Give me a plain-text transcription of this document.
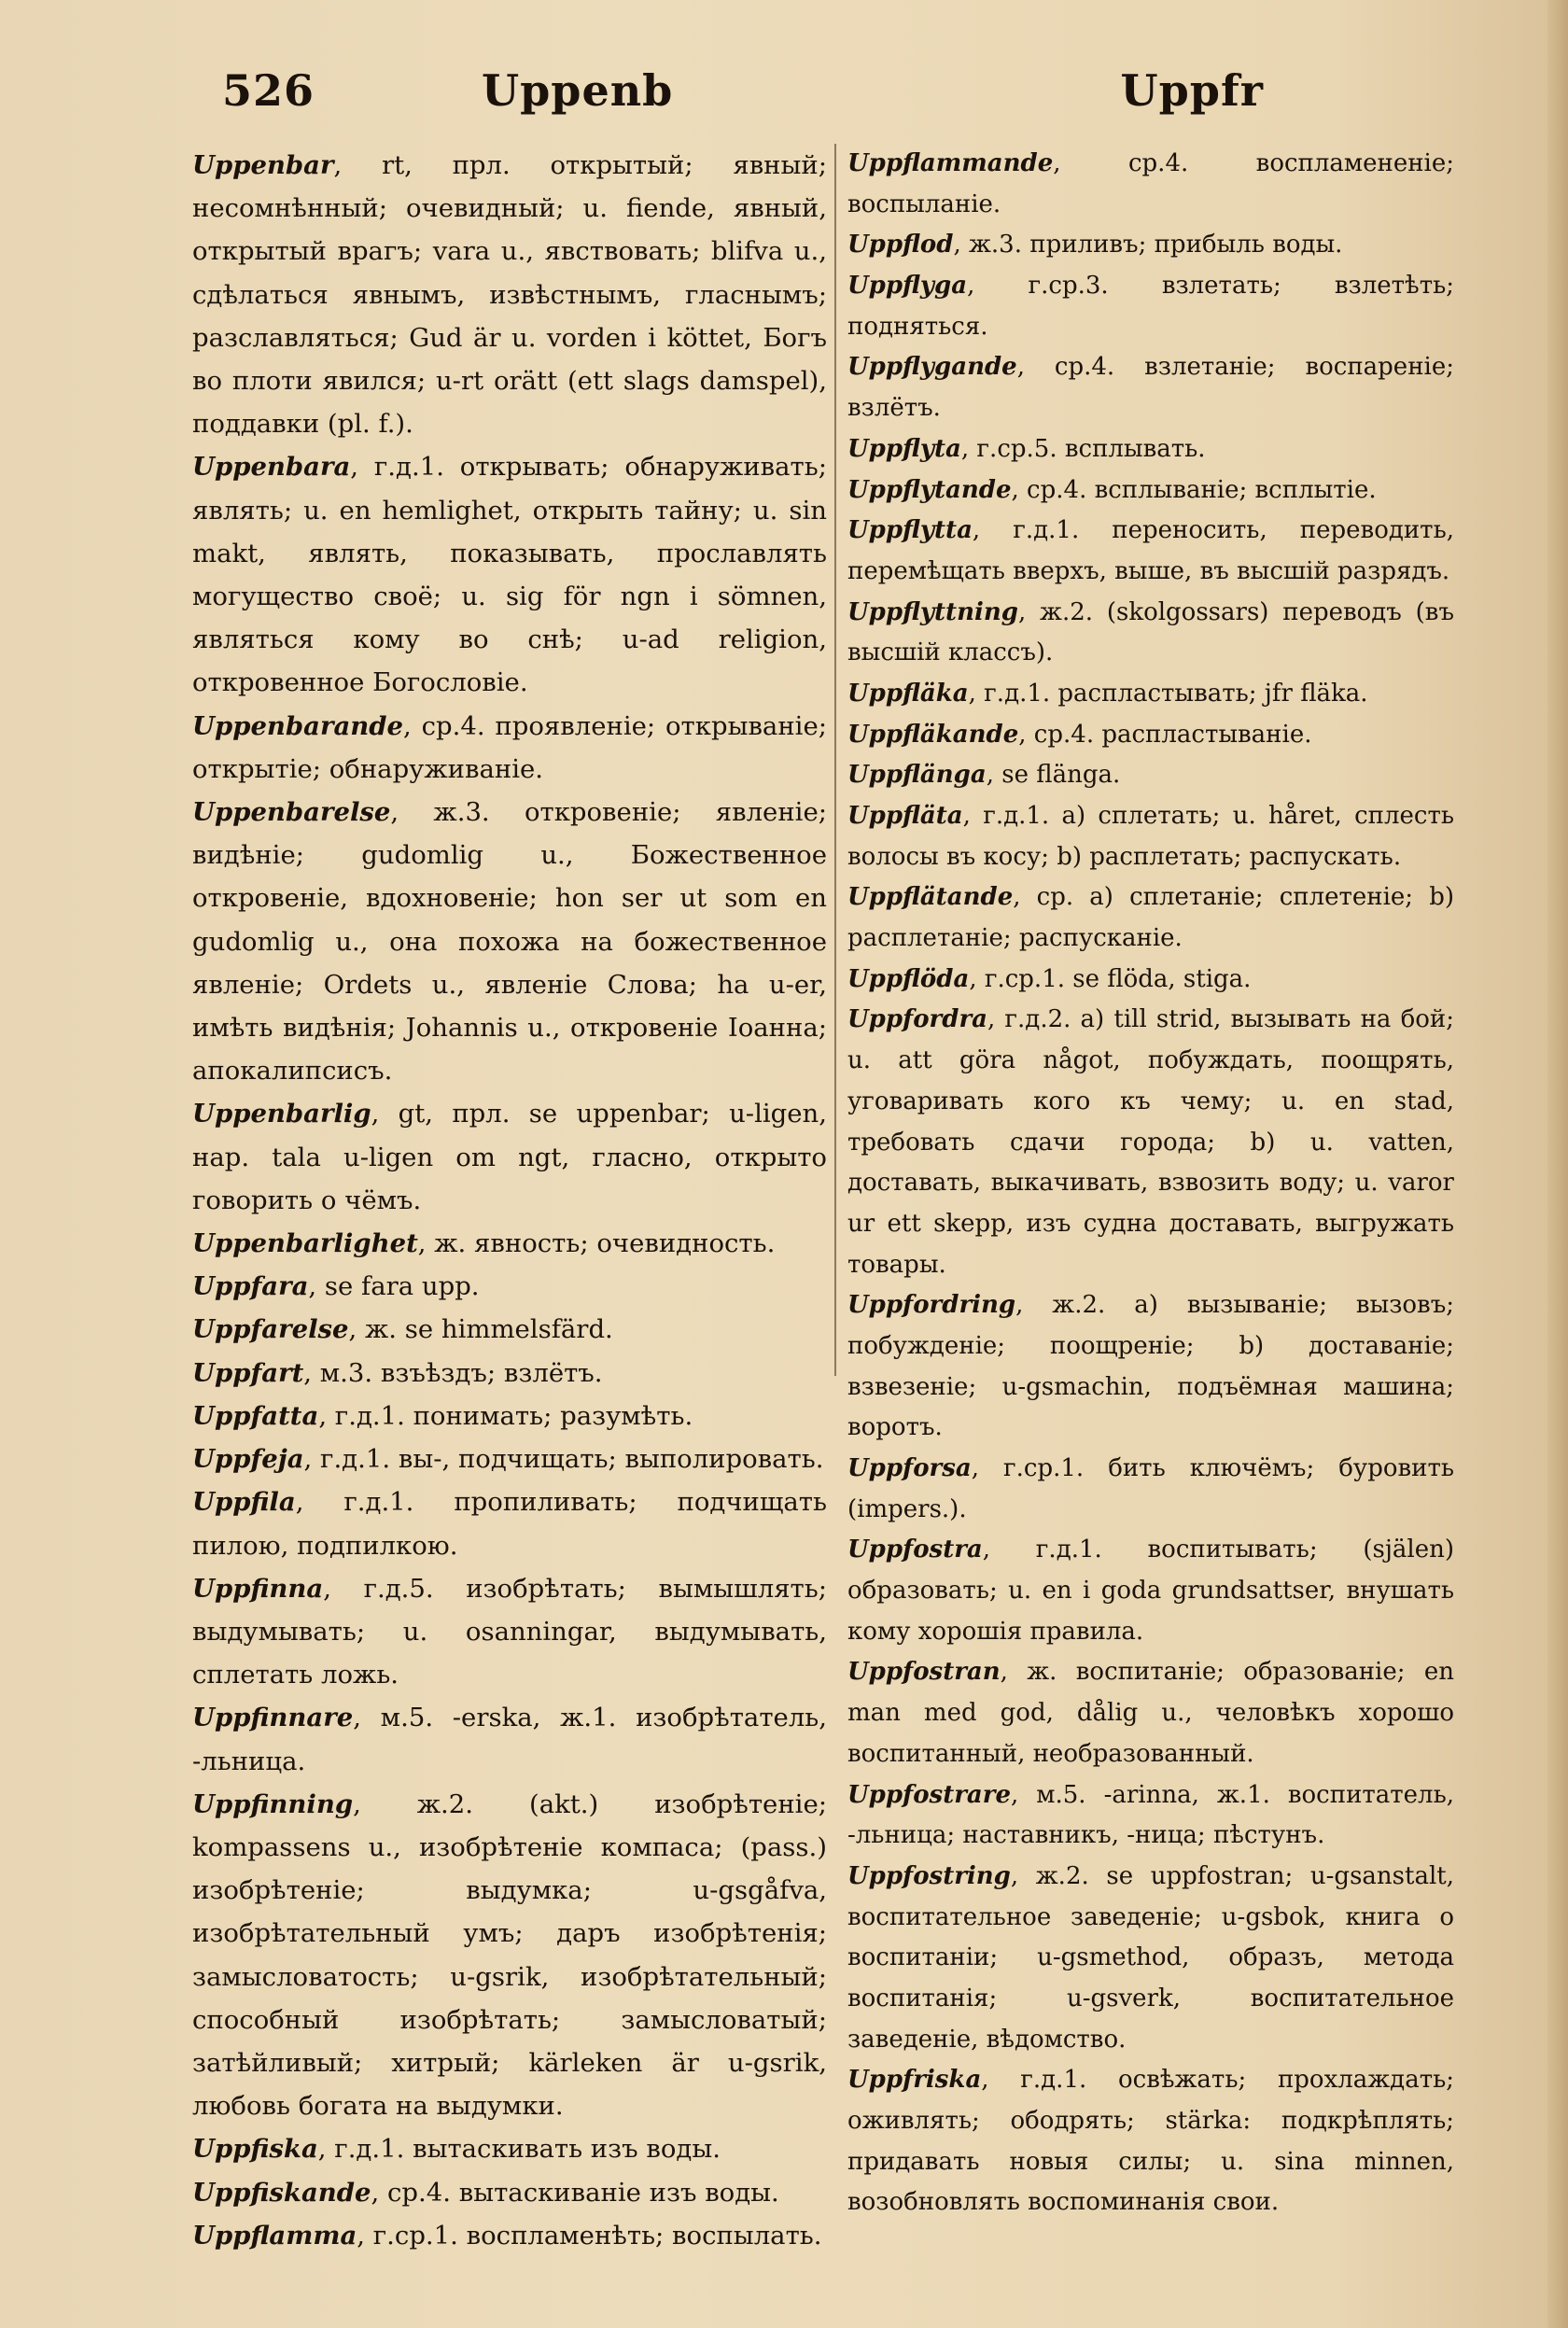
526	Uppenb	Uppfr

Uppenbar, rt, прл. открытый; явный; несомнѣнный; очевидный; u. fiende, явный, открытый врагъ; vara u., явствовать; blifva u., сдѣлаться явнымъ, извѣстнымъ, гласнымъ; разславляться; Gud är u. vorden i köttet, Богъ во плоти явился; u-rt orätt (ett slags damspel), поддавки (pl. f.).

Uppenbara, г.д.1. открывать; обнаруживать; являть; u. en hemlighet, открыть тайну; u. sin makt, являть, показывать, прославлять могущество своё; u. sig för ngn i sömnen, являться кому во снѣ; u-ad religion, откровенное Богословіе.

Uppenbarande, ср.4. проявленіе; открываніе; открытіе; обнаруживаніе.

Uppenbarelse, ж.3. откровеніе; явленіе; видѣніе; gudomlig u., Божественное откровеніе, вдохновеніе; hon ser ut som en gudomlig u., она похожа на божественное явленіе; Ordets u., явленіе Слова; ha u-er, имѣть видѣнія; Johannis u., откровеніе Іоанна; апокалипсисъ.

Uppenbarlig, gt, прл. se uppenbar; u-ligen, нар. tala u-ligen om ngt, гласно, открыто говорить о чёмъ.

Uppenbarlighet, ж. явность; очевидность.

Uppfara, se fara upp.

Uppfarelse, ж. se himmelsfärd.

Uppfart, м.3. взъѣздъ; взлётъ.

Uppfatta, г.д.1. понимать; разумѣть.

Uppfeja, г.д.1. вы-, подчищать; выполировать.

Uppfila, г.д.1. пропиливать; подчищать пилою, подпилкою.

Uppfinna, г.д.5. изобрѣтать; вымышлять; выдумывать; u. osanningar, выдумывать, сплетать ложь.

Uppfinnare, м.5. -erska, ж.1. изобрѣтатель, -льница.

Uppfinning, ж.2. (akt.) изобрѣтеніе; kompassens u., изобрѣтеніе компаса; (pass.) изобрѣтеніе; выдумка; u-gsgåfva, изобрѣтательный умъ; даръ изобрѣтенія; замысловатость; u-gsrik, изобрѣтательный; способный изобрѣтать; замысловатый; затѣйливый; хитрый; kärleken är u-gsrik, любовь богата на выдумки.

Uppfiska, г.д.1. вытаскивать изъ воды.

Uppfiskande, ср.4. вытаскиваніе изъ воды.

Uppflamma, г.ср.1. воспламенѣть; воспылать.

Uppflammande, ср.4. воспламененіе; воспыланіе.

Uppflod, ж.3. приливъ; прибыль воды.

Uppflyga, г.ср.3. взлетать; взлетѣть; подняться.

Uppflygande, ср.4. взлетаніе; воспареніе; взлётъ.

Uppflyta, г.ср.5. всплывать.

Uppflytande, ср.4. всплываніе; всплытіе.

Uppflytta, г.д.1. переносить, переводить, перемѣщать вверхъ, выше, въ высшій разрядъ.

Uppflyttning, ж.2. (skolgossars) переводъ (въ высшій классъ).

Uppfläka, г.д.1. распластывать; jfr fläka.

Uppfläkande, ср.4. распластываніе.

Uppflänga, se flänga.

Uppfläta, г.д.1. a) сплетать; u. håret, сплесть волосы въ косу; b) расплетать; распускать.

Uppflätande, ср. a) сплетаніе; сплетеніе; b) расплетаніе; распусканіе.

Uppflöda, г.ср.1. se flöda, stiga.

Uppfordra, г.д.2. a) till strid, вызывать на бой; u. att göra något, побуждать, поощрять, уговаривать кого къ чему; u. en stad, требовать сдачи города; b) u. vatten, доставать, выкачивать, взвозить воду; u. varor ur ett skepp, изъ судна доставать, выгружать товары.

Uppfordring, ж.2. a) вызываніе; вызовъ; побужденіе; поощреніе; b) доставаніе; взвезеніе; u-gsmachin, подъёмная машина; воротъ.

Uppforsa, г.ср.1. бить ключёмъ; буровить (impers.).

Uppfostra, г.д.1. воспитывать; (själen) образовать; u. en i goda grundsattser, внушать кому хорошія правила.

Uppfostran, ж. воспитаніе; образованіе; en man med god, dålig u., человѣкъ хорошо воспитанный, необразованный.

Uppfostrare, м.5. -arinna, ж.1. воспитатель, -льница; наставникъ, -ница; пѣстунъ.

Uppfostring, ж.2. se uppfostran; u-gsanstalt, воспитательное заведеніе; u-gsbok, книга о воспитаніи; u-gsmethod, образъ, метода воспитанія; u-gsverk, воспитательное заведеніе, вѣдомство.

Uppfriska, г.д.1. освѣжать; прохлаждать; оживлять; ободрять; stärka: подкрѣплять; придавать новыя силы; u. sina minnen, возобновлять воспоминанія свои.
